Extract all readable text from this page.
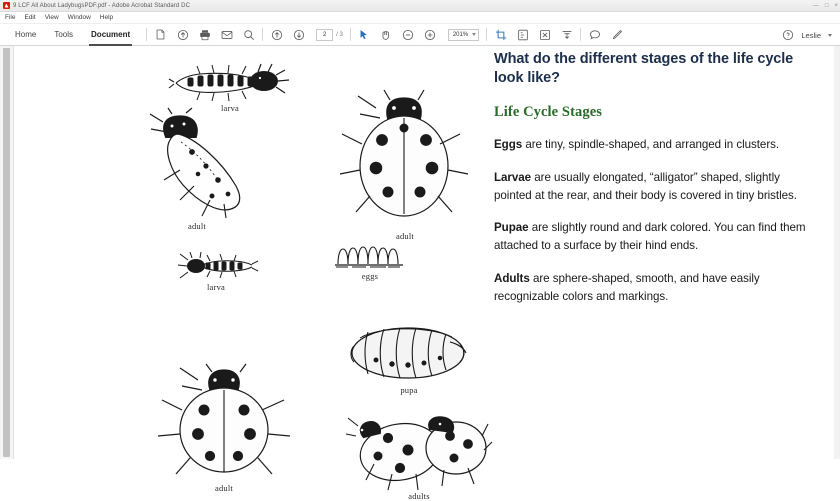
9 LCF All About LadybugsPDF.pdf - Adobe Acrobat Standard DC	— □ ×
File Edit View Window Help
Home	Tools	Document	2	/ 3	201%	Leslie
larva
adult
adult
eggs
larva
pupa
adult
adults
What do the different stages of the life cycle look like?
Life Cycle Stages

Eggs are tiny, spindle-shaped, and arranged in clusters.

Larvae are usually elongated, “alligator” shaped, slightly pointed at the rear, and their body is covered in tiny bristles.

Pupae are slightly round and dark colored. You can find them attached to a surface by their hind ends.

Adults are sphere-shaped, smooth, and have easily recognizable colors and markings.
